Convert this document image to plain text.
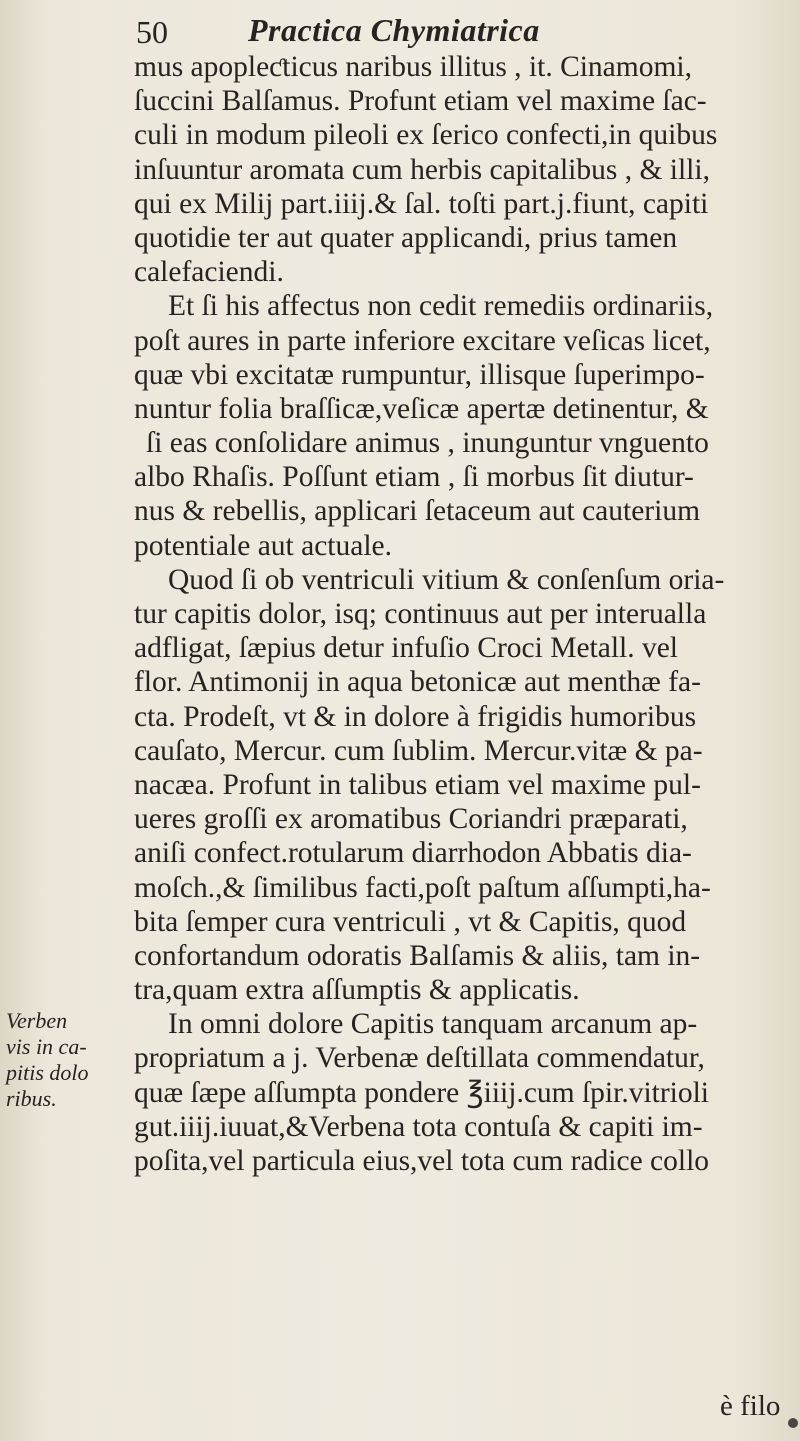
50	Practica Chymiatrica
mus apopleƈticus naribus illitus , it. Cinamomi,
ſuccini Balſamus. Profunt etiam vel maxime ſac-
culi in modum pileoli ex ſerico confecti,in quibus
inſuuntur aromata cum herbis capitalibus , & illi,
qui ex Milij part.iiij.& ſal. toſti part.j.fiunt, capiti
quotidie ter aut quater applicandi, prius tamen
calefaciendi.
Et ſi his affectus non cedit remediis ordinariis,
poſt aures in parte inferiore excitare veſicas licet,
quæ vbi excitatæ rumpuntur, illisque ſuperimpo-
nuntur folia braſſicæ,veſicæ apertæ detinentur, &
ſi eas conſolidare animus , inunguntur vnguento
albo Rhaſis. Poſſunt etiam , ſi morbus ſit diutur-
nus & rebellis, applicari ſetaceum aut cauterium
potentiale aut actuale.
Quod ſi ob ventriculi vitium & conſenſum oria-
tur capitis dolor, isq; continuus aut per interualla
adfligat, ſæpius detur infuſio Croci Metall. vel
flor. Antimonij in aqua betonicæ aut menthæ fa-
cta. Prodeſt, vt & in dolore à frigidis humoribus
cauſato, Mercur. cum ſublim. Mercur.vitæ & pa-
nacæa. Profunt in talibus etiam vel maxime pul-
ueres groſſi ex aromatibus Coriandri præparati,
aniſi confect.rotularum diarrhodon Abbatis dia-
moſch.,& ſimilibus facti,poſt paſtum aſſumpti,ha-
bita ſemper cura ventriculi , vt & Capitis, quod
confortandum odoratis Balſamis & aliis, tam in-
tra,quam extra aſſumptis & applicatis.
In omni dolore Capitis tanquam arcanum ap-
propriatum a j. Verbenæ deſtillata commendatur,
quæ ſæpe aſſumpta pondere ℥iiij.cum ſpir.vitrioli
gut.iiij.iuuat,&Verbena tota contuſa & capiti im-
poſita,vel particula eius,vel tota cum radice collo
Verben
vis in ca-
pitis dolo
ribus.
è filo
